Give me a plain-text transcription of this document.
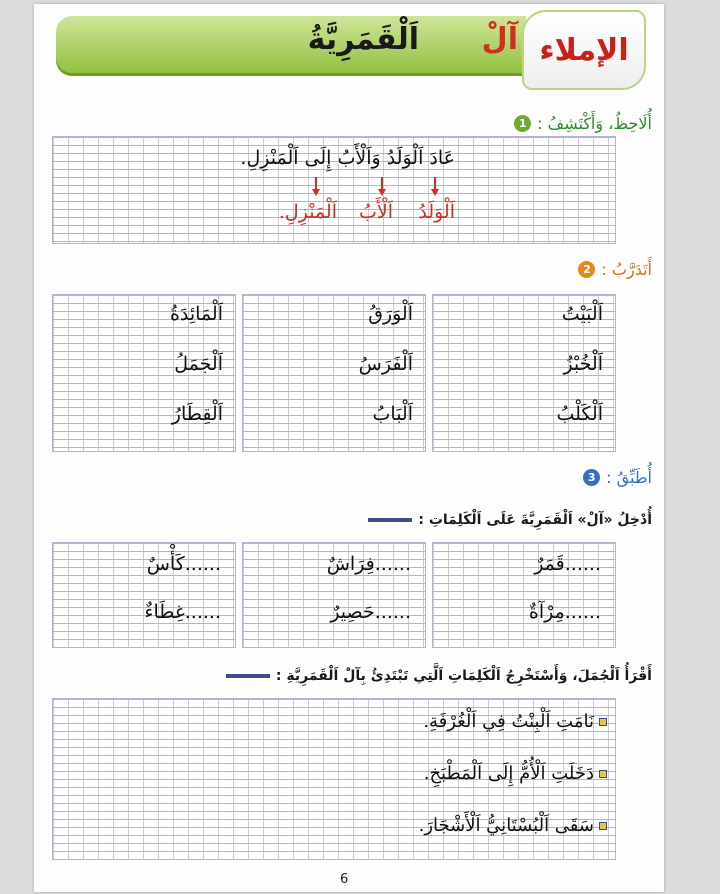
آلْ      اَلْقَمَرِيَّةُ	الإملاء
1 أُلَاحِظُ، وَأَكْتَشِفُ :
عَادَ اَلْوَلَدُ وَاَلْأَبُ إِلَى اَلْمَنْزِلِ.
اَلْوَلَدُ
اَلْأَبُ
اَلْمَنْزِلِ.
2 أَتَدَرَّبُ :
اَلْبَيْتُ
اَلْخُبْزُ
اَلْكَلْبُ
اَلْوَرَقُ
اَلْفَرَسُ
اَلْبَابُ
اَلْمَائِدَةُ
اَلْجَمَلُ
اَلْقِطَارُ
3 أُطَبِّقُ :
أُدْخِلُ «آلْ» اَلْقَمَرِيَّةَ عَلَى اَلْكَلِمَاتِ :
......قَمَرٌ
......مِرْآةٌ
......فِرَاشٌ
......حَصِيرٌ
......كَأْسٌ
......غِطَاءٌ
أَقْرَأُ اَلْجُمَلَ، وَأَسْتَخْرِجُ اَلْكَلِمَاتِ اَلَّتِي تَبْتَدِئُ بِآلْ اَلْقَمَرِيَّةِ :
نَامَتِ اَلْبِنْتُ فِي اَلْغُرْفَةِ.
دَخَلَتِ اَلْأُمُّ إِلَى اَلْمَطْبَخِ.
سَقَى اَلْبُسْتَانِيُّ اَلْأَشْجَارَ.
6
